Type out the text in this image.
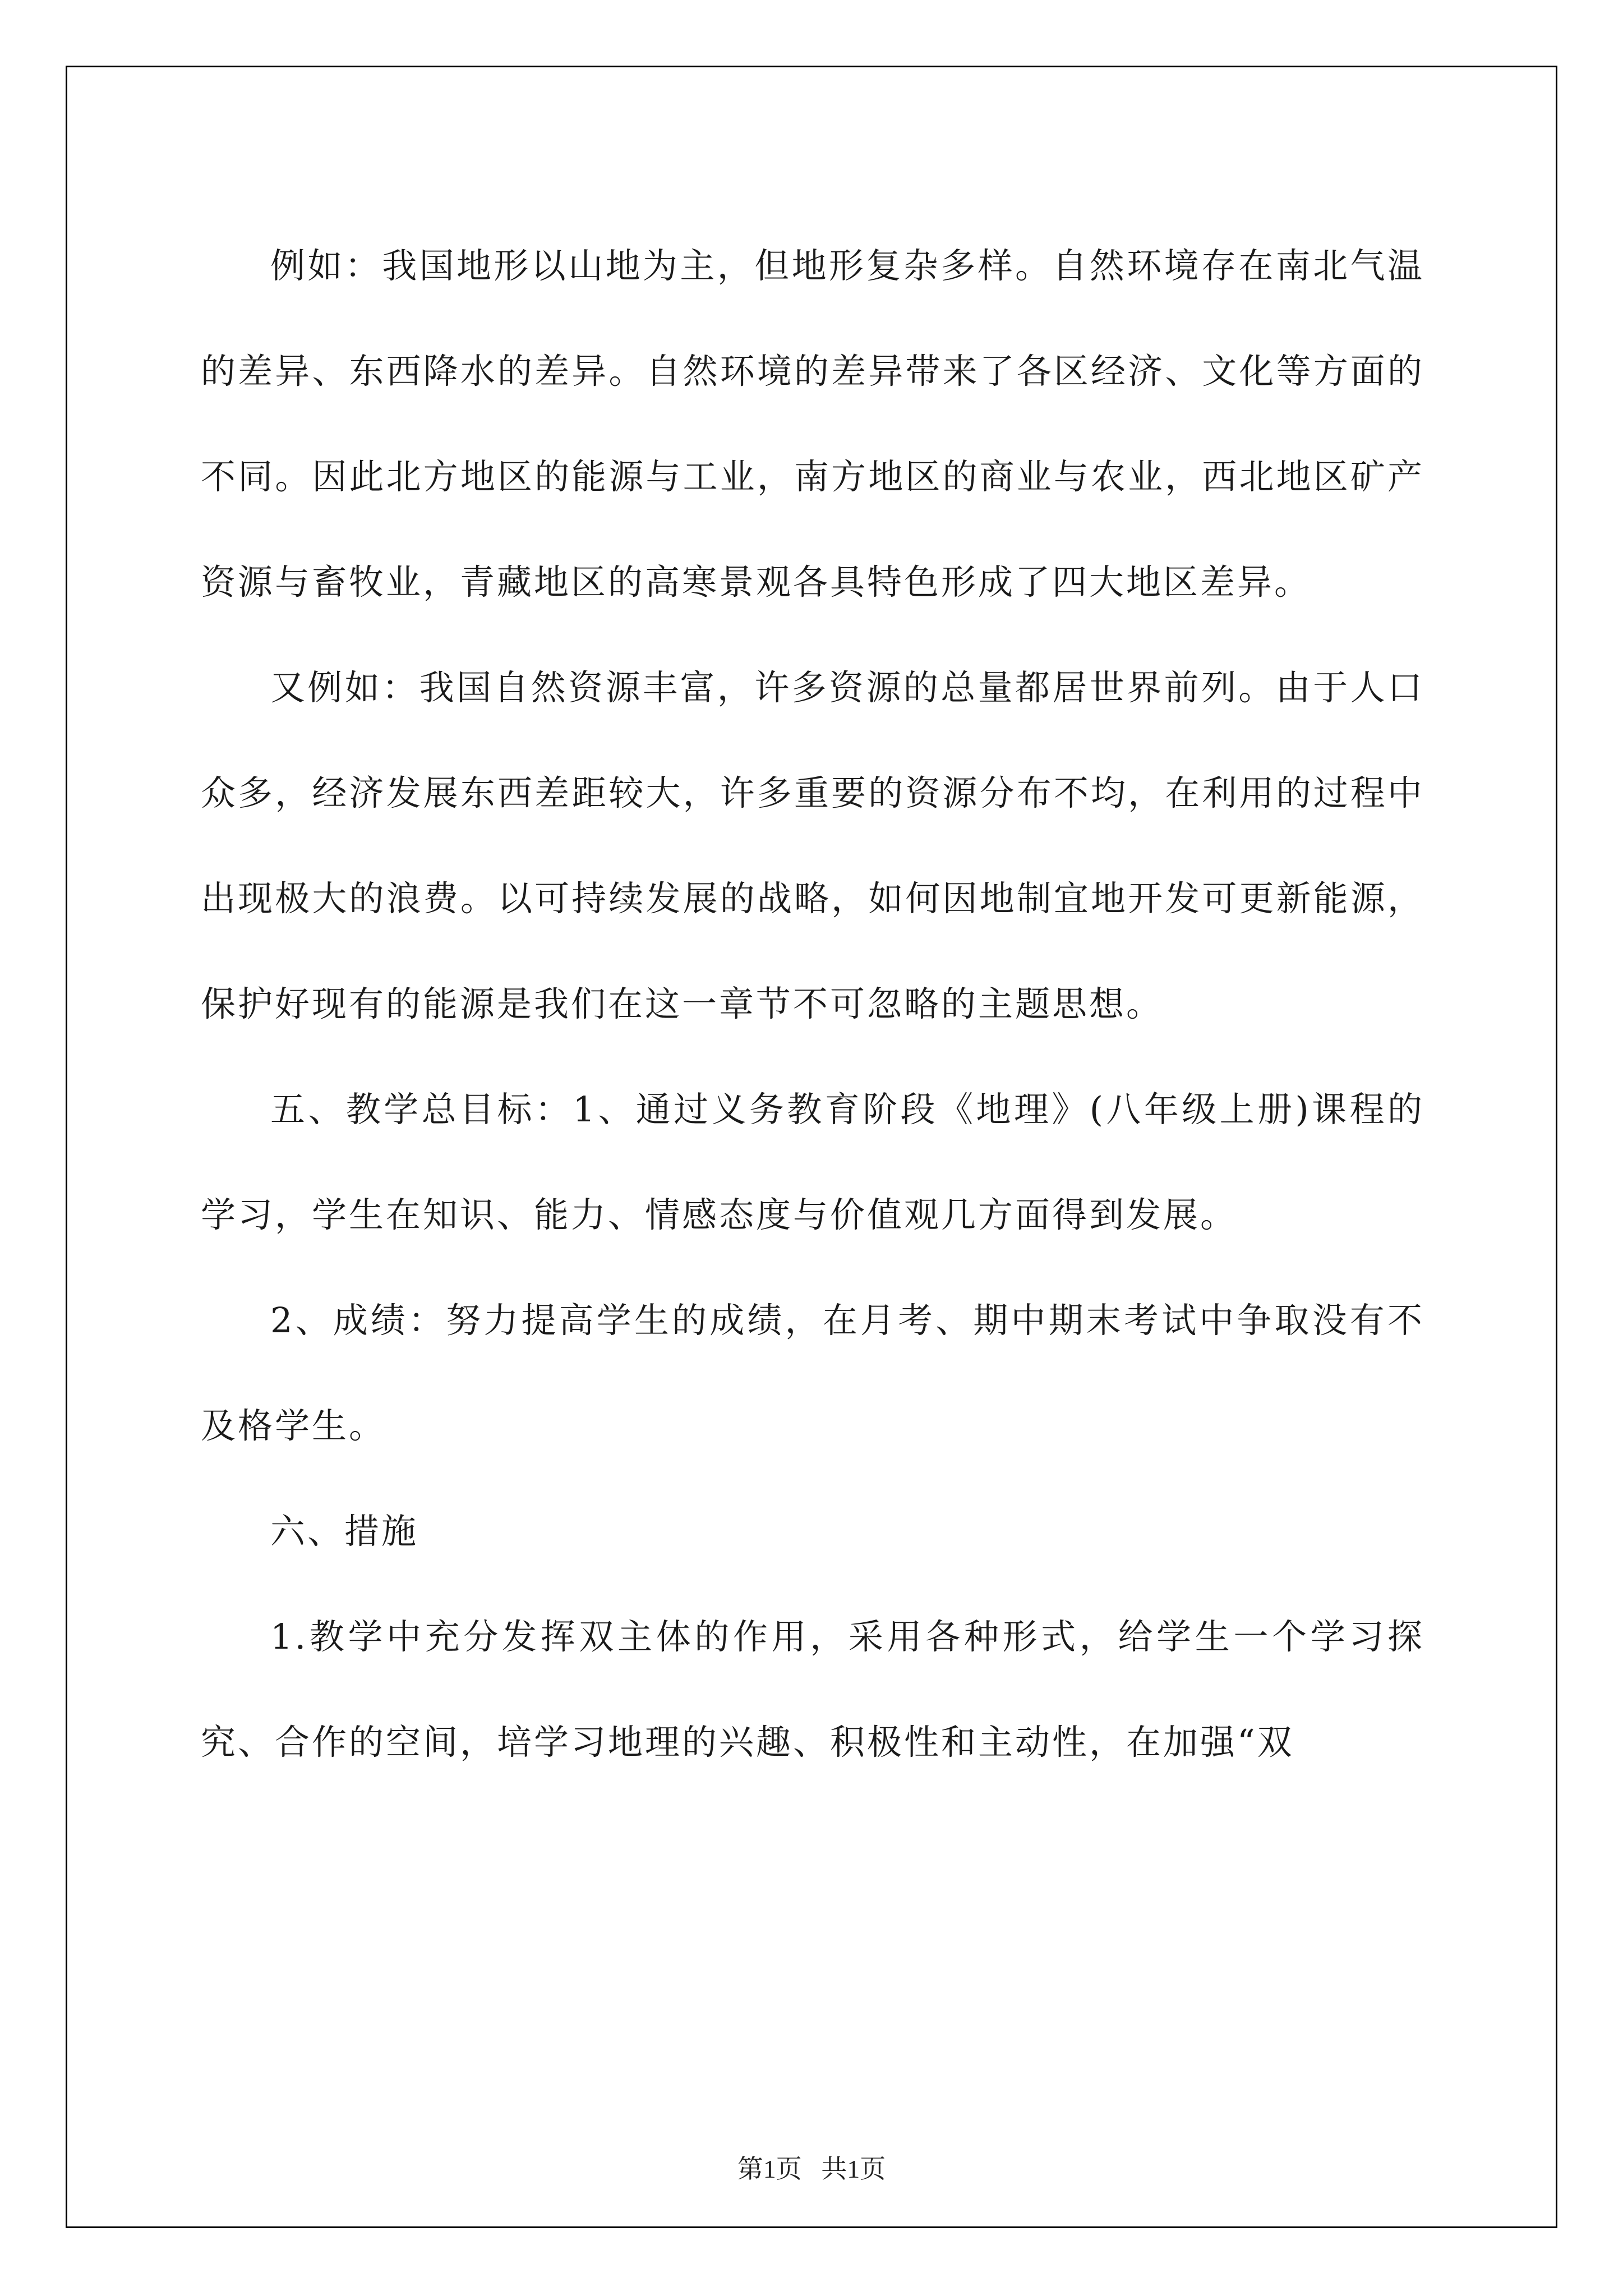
例如：我国地形以山地为主，但地形复杂多样。自然环境存在南北气温的差异、东西降水的差异。自然环境的差异带来了各区经济、文化等方面的不同。因此北方地区的能源与工业，南方地区的商业与农业，西北地区矿产资源与畜牧业，青藏地区的高寒景观各具特色形成了四大地区差异。

又例如：我国自然资源丰富，许多资源的总量都居世界前列。由于人口众多，经济发展东西差距较大，许多重要的资源分布不均，在利用的过程中出现极大的浪费。以可持续发展的战略，如何因地制宜地开发可更新能源，保护好现有的能源是我们在这一章节不可忽略的主题思想。

五、教学总目标：1、通过义务教育阶段《地理》(八年级上册)课程的学习，学生在知识、能力、情感态度与价值观几方面得到发展。

2、成绩：努力提高学生的成绩，在月考、期中期末考试中争取没有不及格学生。

六、措施

1.教学中充分发挥双主体的作用，采用各种形式，给学生一个学习探究、合作的空间，培学习地理的兴趣、积极性和主动性，在加强“双

第1页 共1页
